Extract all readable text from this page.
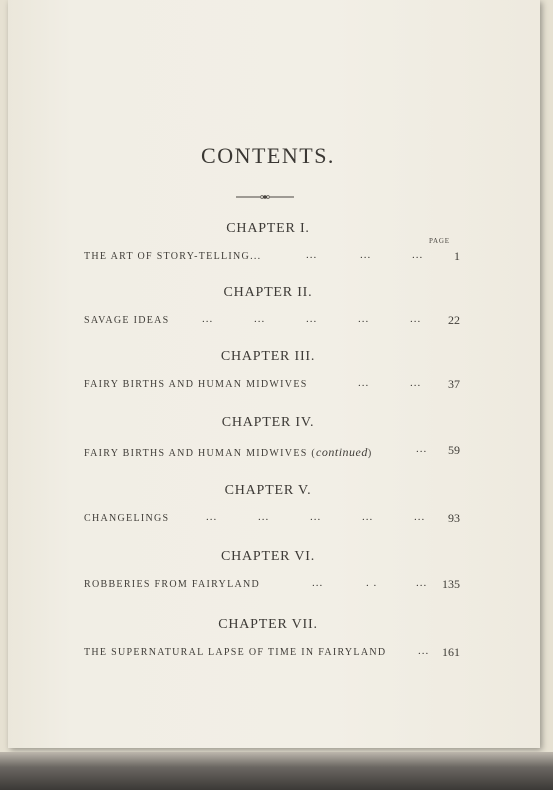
CONTENTS.
PAGE
CHAPTER I.
THE ART OF STORY-TELLING...	...	...	...	1
CHAPTER II.
SAVAGE IDEAS	...	...	...	...	... 22
CHAPTER III.
FAIRY BIRTHS AND HUMAN MIDWIVES	...	... 37
CHAPTER IV.
FAIRY BIRTHS AND HUMAN MIDWIVES (continued)	... 59
CHAPTER V.
CHANGELINGS	...	...	...	...	... 93
CHAPTER VI.
ROBBERIES FROM FAIRYLAND	...	. .	... 135
CHAPTER VII.
THE SUPERNATURAL LAPSE OF TIME IN FAIRYLAND	... 161
